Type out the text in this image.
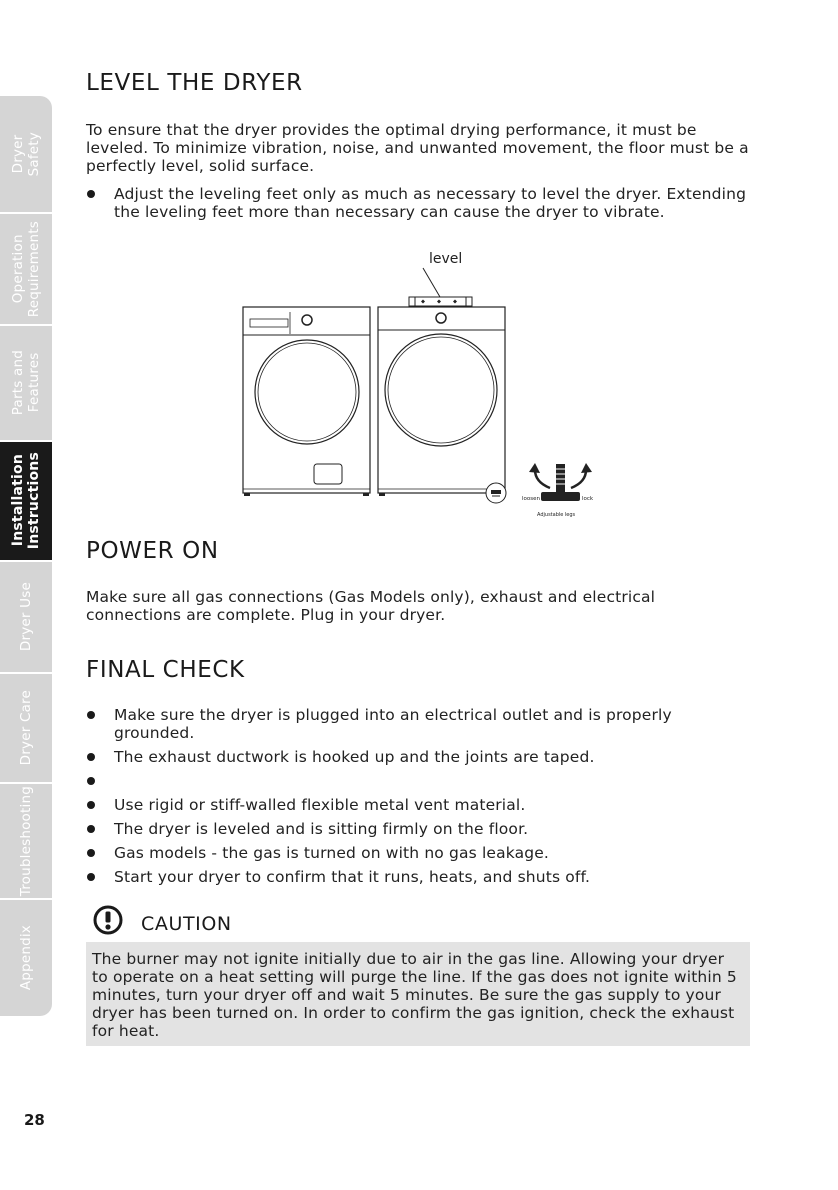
Dryer
Safety
Operation
Requirements
Parts and
Features
Installation
Instructions
Dryer Use
Dryer Care
Troubleshooting
Appendix
LEVEL THE DRYER

To ensure that the dryer provides the optimal drying performance, it must be leveled. To minimize vibration, noise, and unwanted movement, the floor must be a perfectly level, solid surface.

Adjust the leveling feet only as much as necessary to level the dryer. Extending the leveling feet more than necessary can cause the dryer to vibrate.
level
loosen	lock
Adjustable legs
POWER ON

Make sure all gas connections (Gas Models only), exhaust and electrical connections are complete. Plug in your dryer.

FINAL CHECK
Make sure the dryer is plugged into an electrical outlet and is properly grounded.
The exhaust ductwork is hooked up and the joints are taped.
Use rigid or stiff-walled flexible metal vent material.
The dryer is leveled and is sitting firmly on the floor.
Gas models - the gas is turned on with no gas leakage.
Start your dryer to confirm that it runs, heats, and shuts off.
CAUTION
The burner may not ignite initially due to air in the gas line. Allowing your dryer to operate on a heat setting will purge the line. If the gas does not ignite within 5 minutes, turn your dryer off and wait 5 minutes. Be sure the gas supply to your dryer has been turned on. In order to confirm the gas ignition, check the exhaust for heat.
28
